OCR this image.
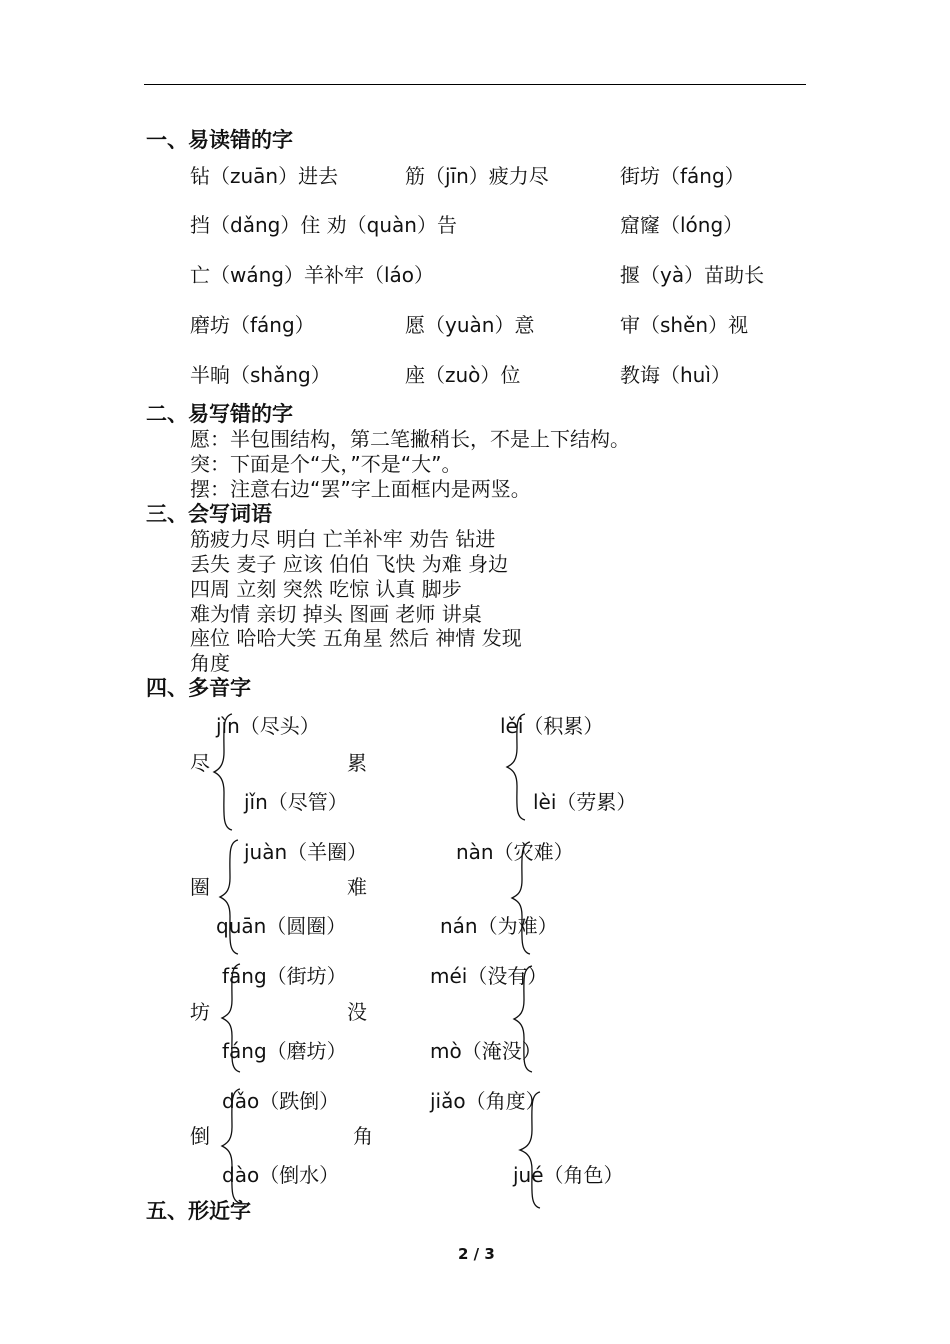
一、易读错的字
钻（zuān）进去	筋（jīn）疲力尽	街坊（fáng）
挡（dǎng）住 劝（quàn）告	窟窿（lóng）
亡（wáng）羊补牢（láo）	揠（yà）苗助长
磨坊（fáng）	愿（yuàn）意	审（shěn）视
半晌（shǎng）	座（zuò）位	教诲（huì）
二、易写错的字
愿：半包围结构，第二笔撇稍长，不是上下结构。
突：下面是个“犬，”不是“大”。
摆：注意右边“罢”字上面框内是两竖。
三、会写词语
筋疲力尽 明白 亡羊补牢 劝告 钻进
丢失 麦子 应该 伯伯 飞快 为难 身边
四周 立刻 突然 吃惊 认真 脚步
难为情 亲切 掉头 图画 老师 讲桌
座位 哈哈大笑 五角星 然后 神情 发现
角度
四、多音字
jìn（尽头）
尽
jǐn（尽管）
lěi（积累）
累
lèi（劳累）
juàn（羊圈）
圈
quān（圆圈）
nàn（灾难）
难
nán（为难）
fāng（街坊）
坊
fáng（磨坊）
méi（没有）
没
mò（淹没）
dǎo（跌倒）
倒
dào（倒水）
jiǎo（角度）
角
jué（角色）
五、形近字
2 / 3
